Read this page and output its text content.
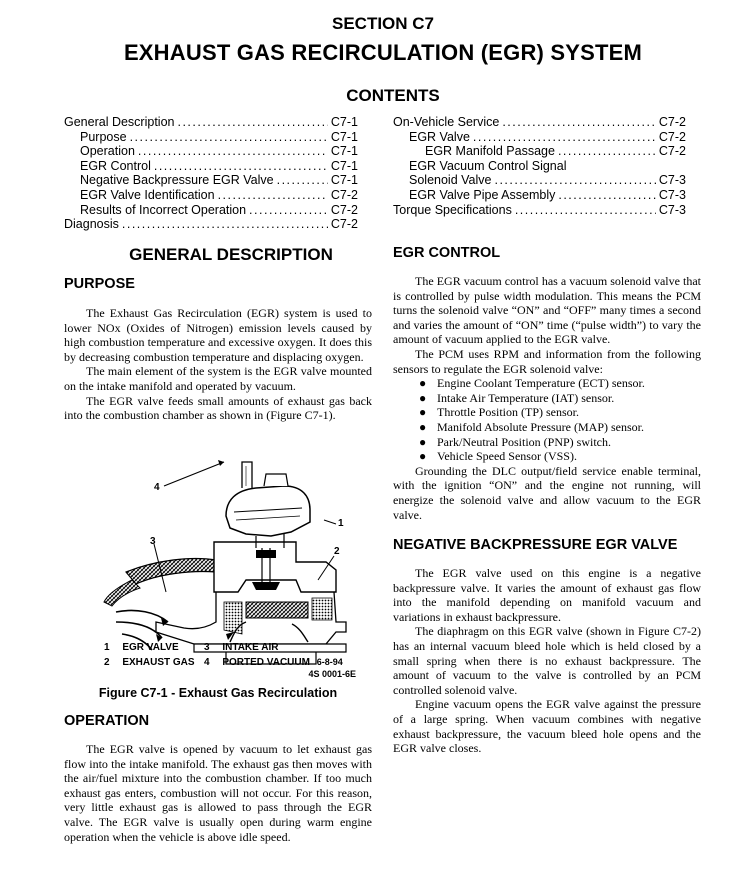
SECTION C7
EXHAUST GAS RECIRCULATION (EGR) SYSTEM
CONTENTS
General Description .....	C7-1
Purpose .....	C7-1
Operation .....	C7-1
EGR Control .....	C7-1
Negative Backpressure EGR Valve .....	C7-1
EGR Valve Identification .....	C7-2
Results of Incorrect Operation .....	C7-2
Diagnosis .....	C7-2
On-Vehicle Service .....	C7-2
EGR Valve .....	C7-2
EGR Manifold Passage .....	C7-2
EGR Vacuum Control Signal
Solenoid Valve .....	C7-3
EGR Valve Pipe Assembly .....	C7-3
Torque Specifications .....	C7-3
GENERAL DESCRIPTION
PURPOSE

The Exhaust Gas Recirculation (EGR) system is used to lower NOx (Oxides of Nitrogen) emission levels caused by high combustion temperature and excessive oxygen. It does this by decreasing combustion temperature and displacing oxygen.

The main element of the system is the EGR valve mounted on the intake manifold and operated by vacuum.

The EGR valve feeds small amounts of exhaust gas back into the combustion chamber as shown in (Figure C7-1).

4
1
2
3
1 EGR VALVE	3 INTAKE AIR
2 EXHAUST GAS 4 PORTED VACUUM 6-8-94
4S 0001-6E
Figure C7-1 - Exhaust Gas Recirculation
OPERATION

The EGR valve is opened by vacuum to let exhaust gas flow into the intake manifold. The exhaust gas then moves with the air/fuel mixture into the combustion chamber. If too much exhaust gas enters, combustion will not occur. For this reason, very little exhaust gas is allowed to pass through the EGR valve. The EGR valve is usually open during warm engine operation when the vehicle is above idle speed.

EGR CONTROL

The EGR vacuum control has a vacuum solenoid valve that is controlled by pulse width modulation. This means the PCM turns the solenoid valve “ON” and “OFF” many times a second and varies the amount of “ON” time (“pulse width”) to vary the amount of vacuum applied to the EGR valve.

The PCM uses RPM and information from the following sensors to regulate the EGR solenoid valve:

● Engine Coolant Temperature (ECT) sensor.
● Intake Air Temperature (IAT) sensor.
● Throttle Position (TP) sensor.
● Manifold Absolute Pressure (MAP) sensor.
● Park/Neutral Position (PNP) switch.
● Vehicle Speed Sensor (VSS).

Grounding the DLC output/field service enable terminal, with the ignition “ON” and the engine not running, will energize the solenoid valve and allow vacuum to the EGR valve.

NEGATIVE BACKPRESSURE EGR VALVE

The EGR valve used on this engine is a negative backpressure valve. It varies the amount of exhaust gas flow into the manifold depending on manifold vacuum and variations in exhaust backpressure.

The diaphragm on this EGR valve (shown in Figure C7-2) has an internal vacuum bleed hole which is held closed by a small spring when there is no exhaust backpressure. The amount of vacuum to the valve is controlled by an PCM controlled solenoid valve.

Engine vacuum opens the EGR valve against the pressure of a large spring. When vacuum combines with negative exhaust backpressure, the vacuum bleed hole opens and the EGR valve closes.
